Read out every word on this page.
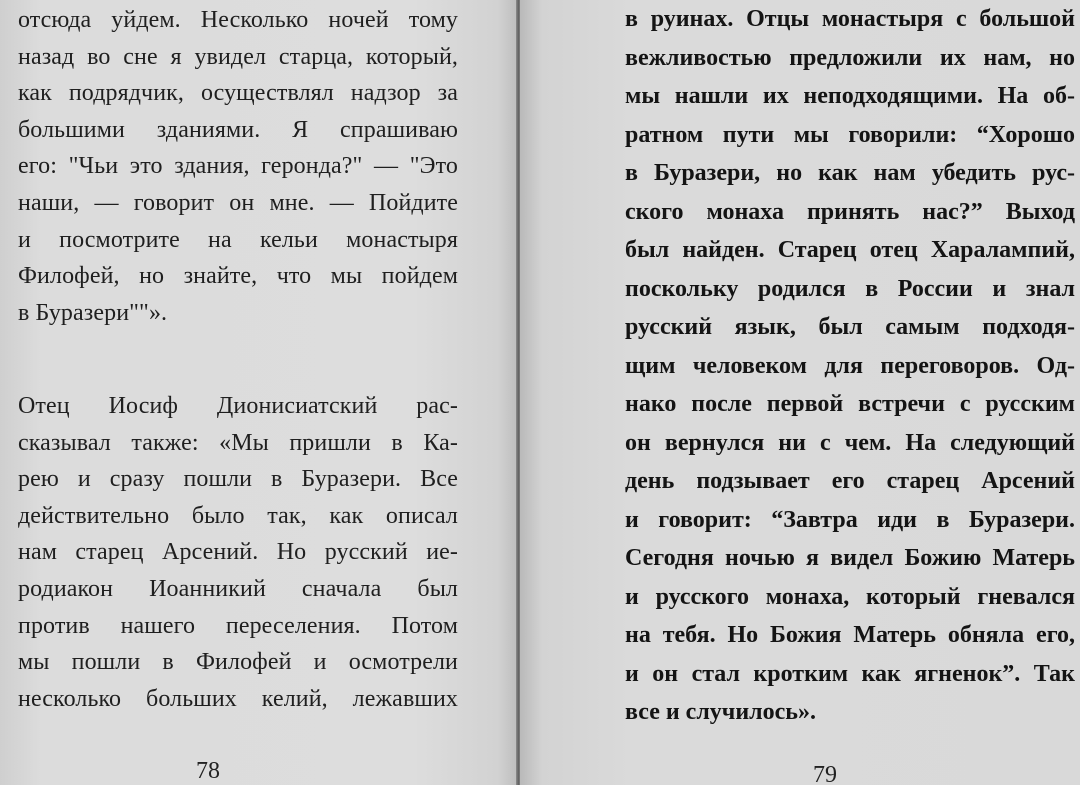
отсюда уйдем. Несколько ночей тому
назад во сне я увидел старца, который,
как подрядчик, осуществлял надзор за
большими зданиями. Я спрашиваю
его: "Чьи это здания, геронда?" — "Это
наши, — говорит он мне. — Пойдите
и посмотрите на кельи монастыря
Филофей, но знайте, что мы пойдем
в Буразери""».
Отец Иосиф Дионисиатский рас-
сказывал также: «Мы пришли в Ка-
рею и сразу пошли в Буразери. Все
действительно было так, как описал
нам старец Арсений. Но русский ие-
родиакон Иоанникий сначала был
против нашего переселения. Потом
мы пошли в Филофей и осмотрели
несколько больших келий, лежавших
78
в руинах. Отцы монастыря с большой
вежливостью предложили их нам, но
мы нашли их неподходящими. На об-
ратном пути мы говорили: “Хорошо
в Буразери, но как нам убедить рус-
ского монаха принять нас?” Выход
был найден. Старец отец Харалампий,
поскольку родился в России и знал
русский язык, был самым подходя-
щим человеком для переговоров. Од-
нако после первой встречи с русским
он вернулся ни с чем. На следующий
день подзывает его старец Арсений
и говорит: “Завтра иди в Буразери.
Сегодня ночью я видел Божию Матерь
и русского монаха, который гневался
на тебя. Но Божия Матерь обняла его,
и он стал кротким как ягненок”. Так
все и случилось».
79
